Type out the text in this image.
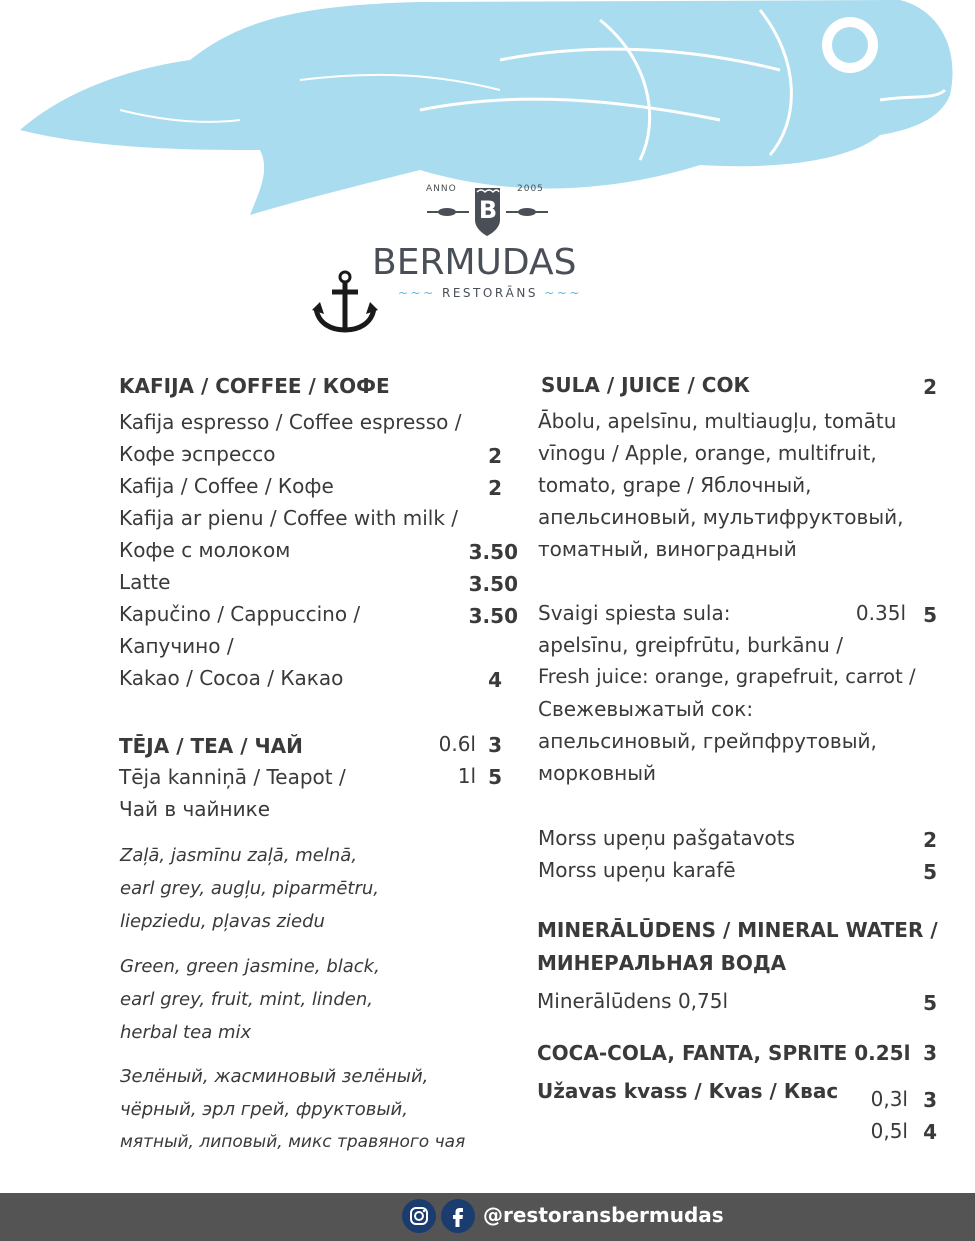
ANNO	2005
B
BERMUDAS
~~~ RESTORĀNS ~~~
KAFIJA / COFFEE / КОФЕ
Kafija espresso / Coffee espresso /
Кофе эспрессо	2
Kafija / Coffee / Кофе	2
Kafija ar pienu / Coffee with milk /
Кофе с молоком	3.50
Latte	3.50
Kapučino / Cappuccino /	3.50
Капучино /
Kakao / Cocoa / Какао	4
TĒJA / TEA / ЧАЙ	0.6l 3
Tēja kanniņā / Teapot /	1l 5
Чай в чайнике
Zaļā, jasmīnu zaļā, melnā,
earl grey, augļu, piparmētru,
liepziedu, pļavas ziedu
Green, green jasmine, black,
earl grey, fruit, mint, linden,
herbal tea mix
Зелёный, жасминовый зелёный,
чёрный, эрл грей, фруктовый,
мятный, липовый, микс травяного чая
SULA / JUICE / СОК	2
Ābolu, apelsīnu, multiaugļu, tomātu
vīnogu / Apple, orange, multifruit,
tomato, grape / Яблочный,
апельсиновый, мультифруктовый,
томатный, виноградный
Svaigi spiesta sula:	0.35l 5
apelsīnu, greipfrūtu, burkānu /
Fresh juice: orange, grapefruit, carrot /
Свежевыжатый сок:
апельсиновый, грейпфрутовый,
морковный
Morss upeņu pašgatavots	2
Morss upeņu karafē	5
MINERĀLŪDENS / MINERAL WATER /
МИНЕРАЛЬНАЯ ВОДА
Minerālūdens 0,75l	5
COCA-COLA, FANTA, SPRITE 0.25l 3
Užavas kvass / Kvas / Квас	0,3l 3
0,5l 4
@restoransbermudas
